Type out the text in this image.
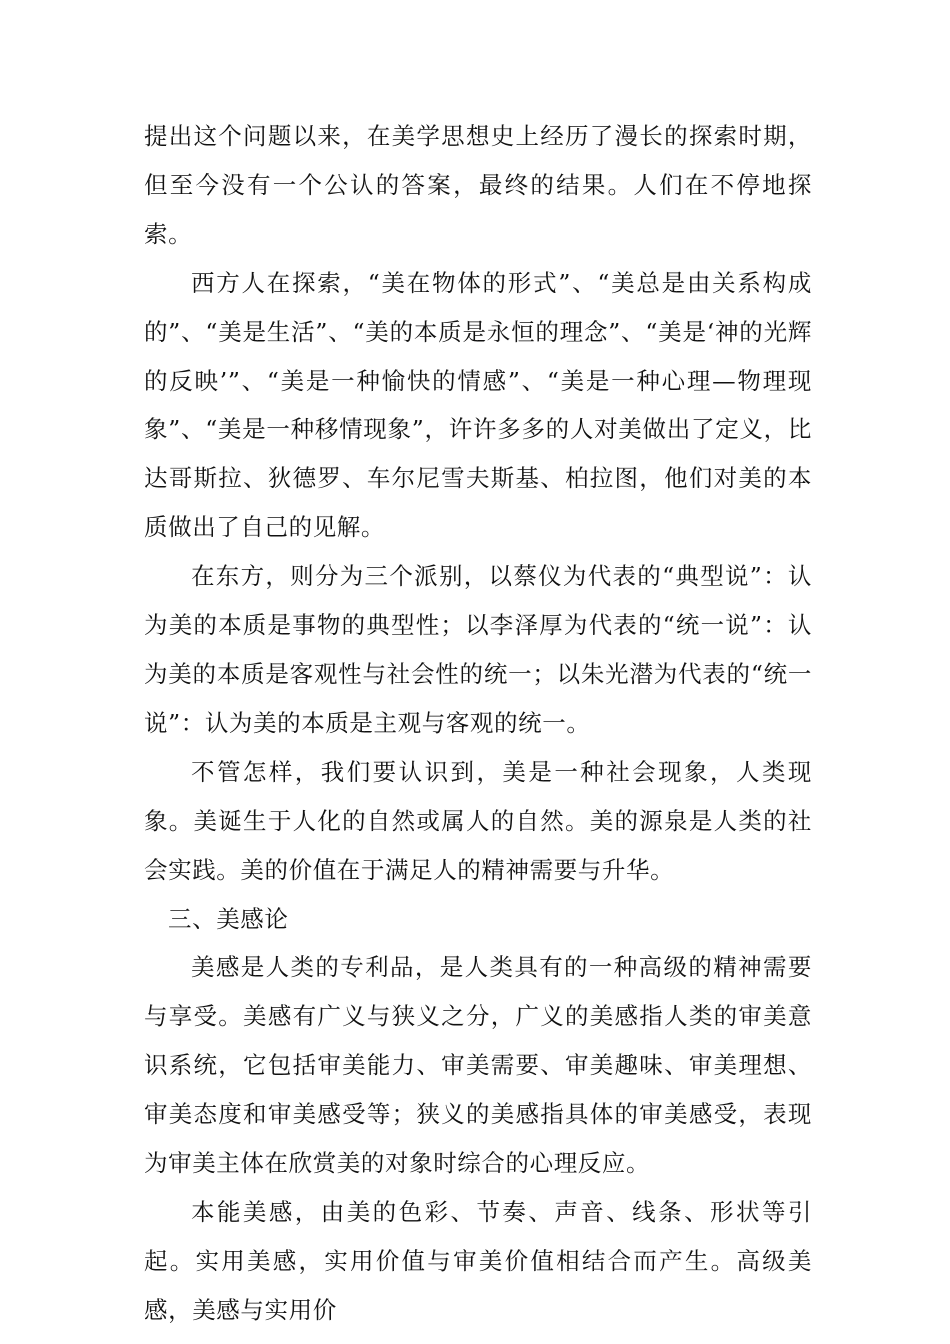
提出这个问题以来，在美学思想史上经历了漫长的探索时期，但至今没有一个公认的答案，最终的结果。人们在不停地探索。

西方人在探索，“美在物体的形式”、“美总是由关系构成的”、“美是生活”、“美的本质是永恒的理念”、“美是‘神的光辉的反映’”、“美是一种愉快的情感”、“美是一种心理—物理现象”、“美是一种移情现象”，许许多多的人对美做出了定义，比达哥斯拉、狄德罗、车尔尼雪夫斯基、柏拉图，他们对美的本质做出了自己的见解。

在东方，则分为三个派别，以蔡仪为代表的“典型说”：认为美的本质是事物的典型性；以李泽厚为代表的“统一说”：认为美的本质是客观性与社会性的统一；以朱光潜为代表的“统一说”：认为美的本质是主观与客观的统一。

不管怎样，我们要认识到，美是一种社会现象，人类现象。美诞生于人化的自然或属人的自然。美的源泉是人类的社会实践。美的价值在于满足人的精神需要与升华。

三、美感论

美感是人类的专利品，是人类具有的一种高级的精神需要与享受。美感有广义与狭义之分，广义的美感指人类的审美意识系统，它包括审美能力、审美需要、审美趣味、审美理想、审美态度和审美感受等；狭义的美感指具体的审美感受，表现为审美主体在欣赏美的对象时综合的心理反应。

本能美感，由美的色彩、节奏、声音、线条、形状等引起。实用美感，实用价值与审美价值相结合而产生。高级美感，美感与实用价
